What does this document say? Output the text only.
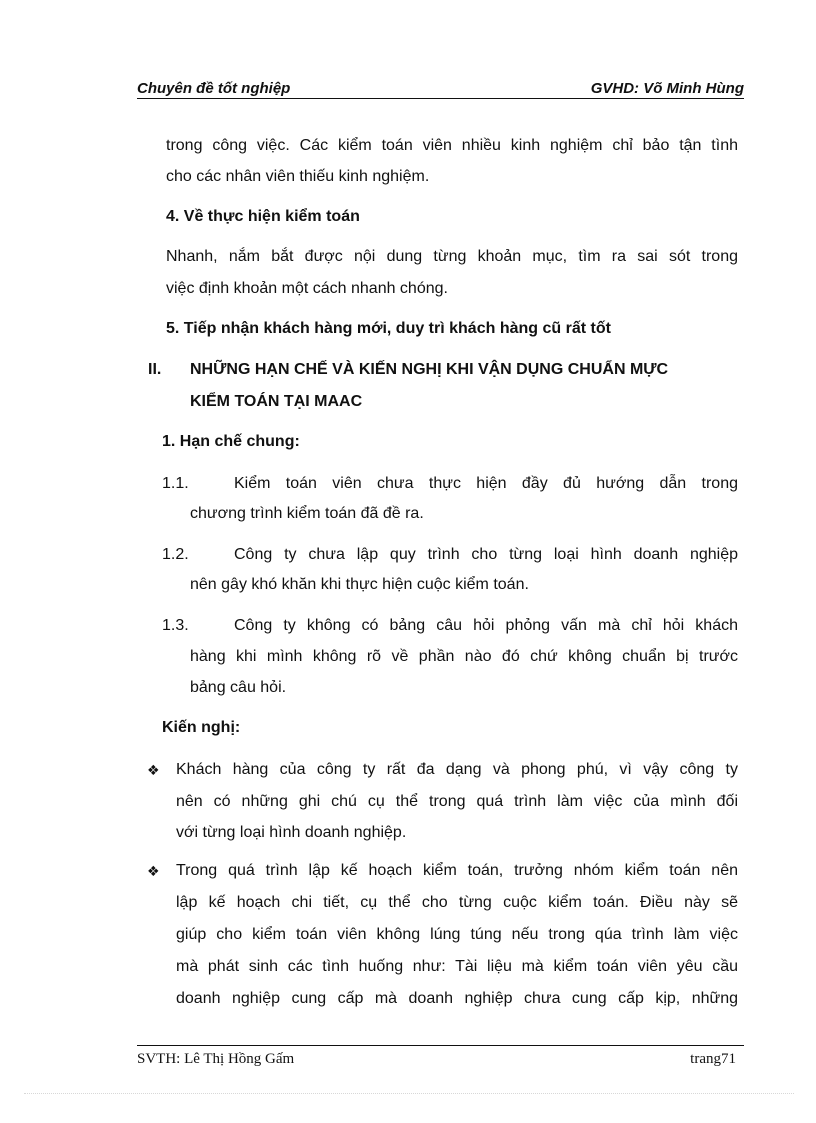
Chuyên đề tốt nghiệp	GVHD: Võ Minh Hùng
trong công việc. Các kiểm toán viên nhiều kinh nghiệm chỉ bảo tận tình
cho các nhân viên thiếu kinh nghiệm.
4. Về thực hiện kiểm toán
Nhanh, nắm bắt được nội dung từng khoản mục, tìm ra sai sót trong
việc định khoản một cách nhanh chóng.
5. Tiếp nhận khách hàng mới, duy trì khách hàng cũ rất tốt
II. NHỮNG HẠN CHẾ VÀ KIẾN NGHỊ KHI VẬN DỤNG CHUẨN MỰC
KIỂM TOÁN TẠI MAAC
1. Hạn chế chung:
1.1.	Kiểm toán viên chưa thực hiện đầy đủ hướng dẫn trong
chương trình kiểm toán đã đề ra.
1.2.	Công ty chưa lập quy trình cho từng loại hình doanh nghiệp
nên gây khó khăn khi thực hiện cuộc kiểm toán.
1.3.	Công ty không có bảng câu hỏi phỏng vấn mà chỉ hỏi khách
hàng khi mình không rõ về phần nào đó chứ không chuẩn bị trước
bảng câu hỏi.
Kiến nghị:
❖ Khách hàng của công ty rất đa dạng và phong phú, vì vậy công ty
nên có những ghi chú cụ thể trong quá trình làm việc của mình đối
với từng loại hình doanh nghiệp.
❖ Trong quá trình lập kế hoạch kiểm toán, trưởng nhóm kiểm toán nên
lập kế hoạch chi tiết, cụ thể cho từng cuộc kiểm toán. Điều này sẽ
giúp cho kiểm toán viên không lúng túng nếu trong qúa trình làm việc
mà phát sinh các tình huống như: Tài liệu mà kiểm toán viên yêu cầu
doanh nghiệp cung cấp mà doanh nghiệp chưa cung cấp kịp, những
SVTH: Lê Thị Hồng Gấm	trang71
